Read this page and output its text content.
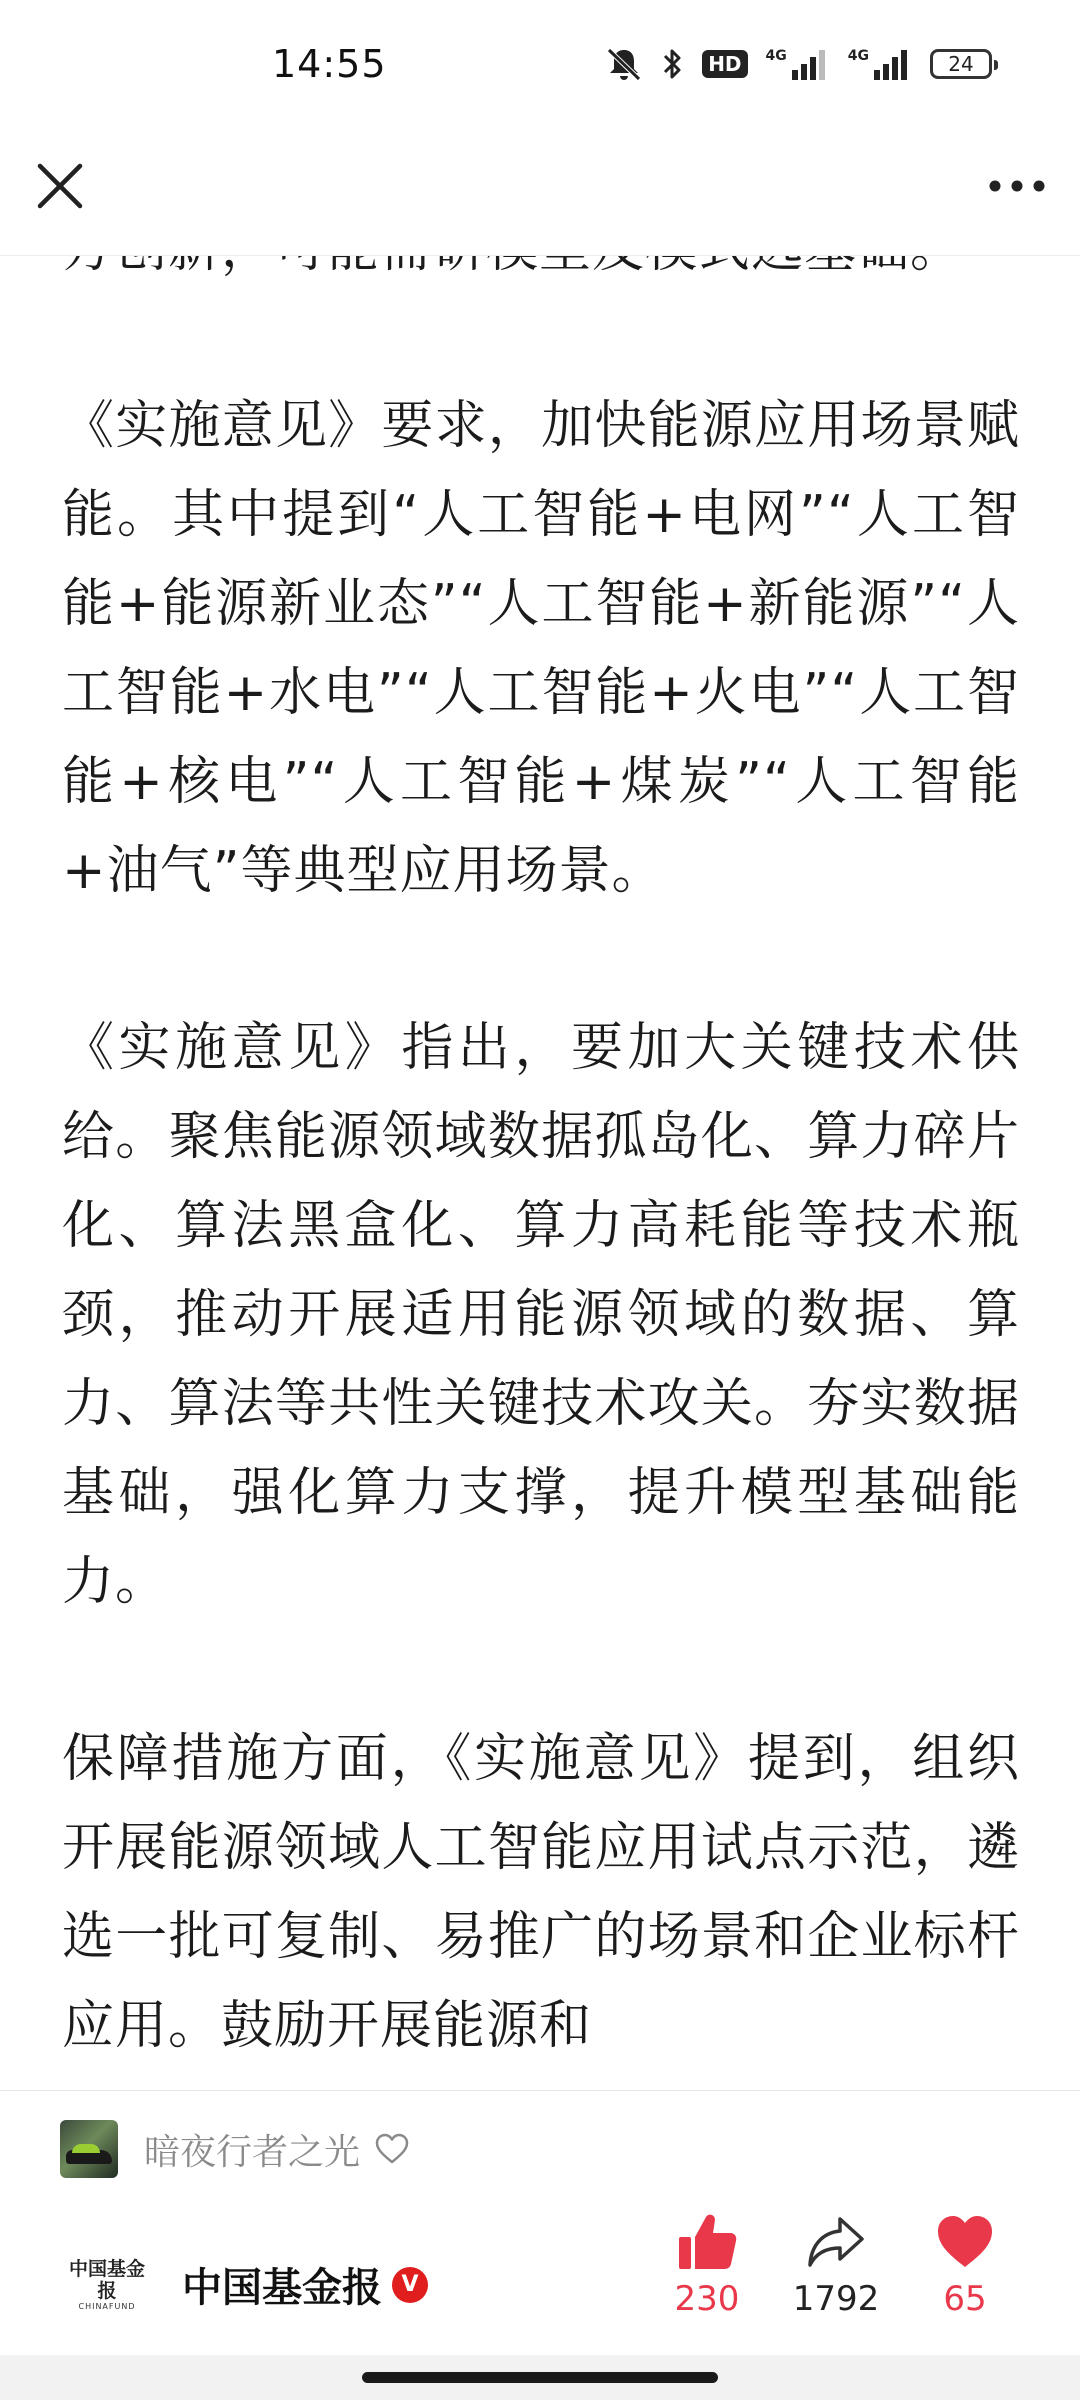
14:55	HD	4G	4G	24

《实施意见》要求，加快能源应用场景赋能。其中提到“人工智能+电网”“人工智能+能源新业态”“人工智能+新能源”“人工智能+水电”“人工智能+火电”“人工智能+核电”“人工智能+煤炭”“人工智能+油气”等典型应用场景。

《实施意见》指出，要加大关键技术供给。聚焦能源领域数据孤岛化、算力碎片化、算法黑盒化、算力高耗能等技术瓶颈，推动开展适用能源领域的数据、算力、算法等共性关键技术攻关。夯实数据基础，强化算力支撑，提升模型基础能力。

保障措施方面，《实施意见》提到，组织开展能源领域人工智能应用试点示范，遴选一批可复制、易推广的场景和企业标杆应用。鼓励开展能源和

暗夜行者之光
中国基金报
CHINAFUND	中国基金报 V	230	1792	65
